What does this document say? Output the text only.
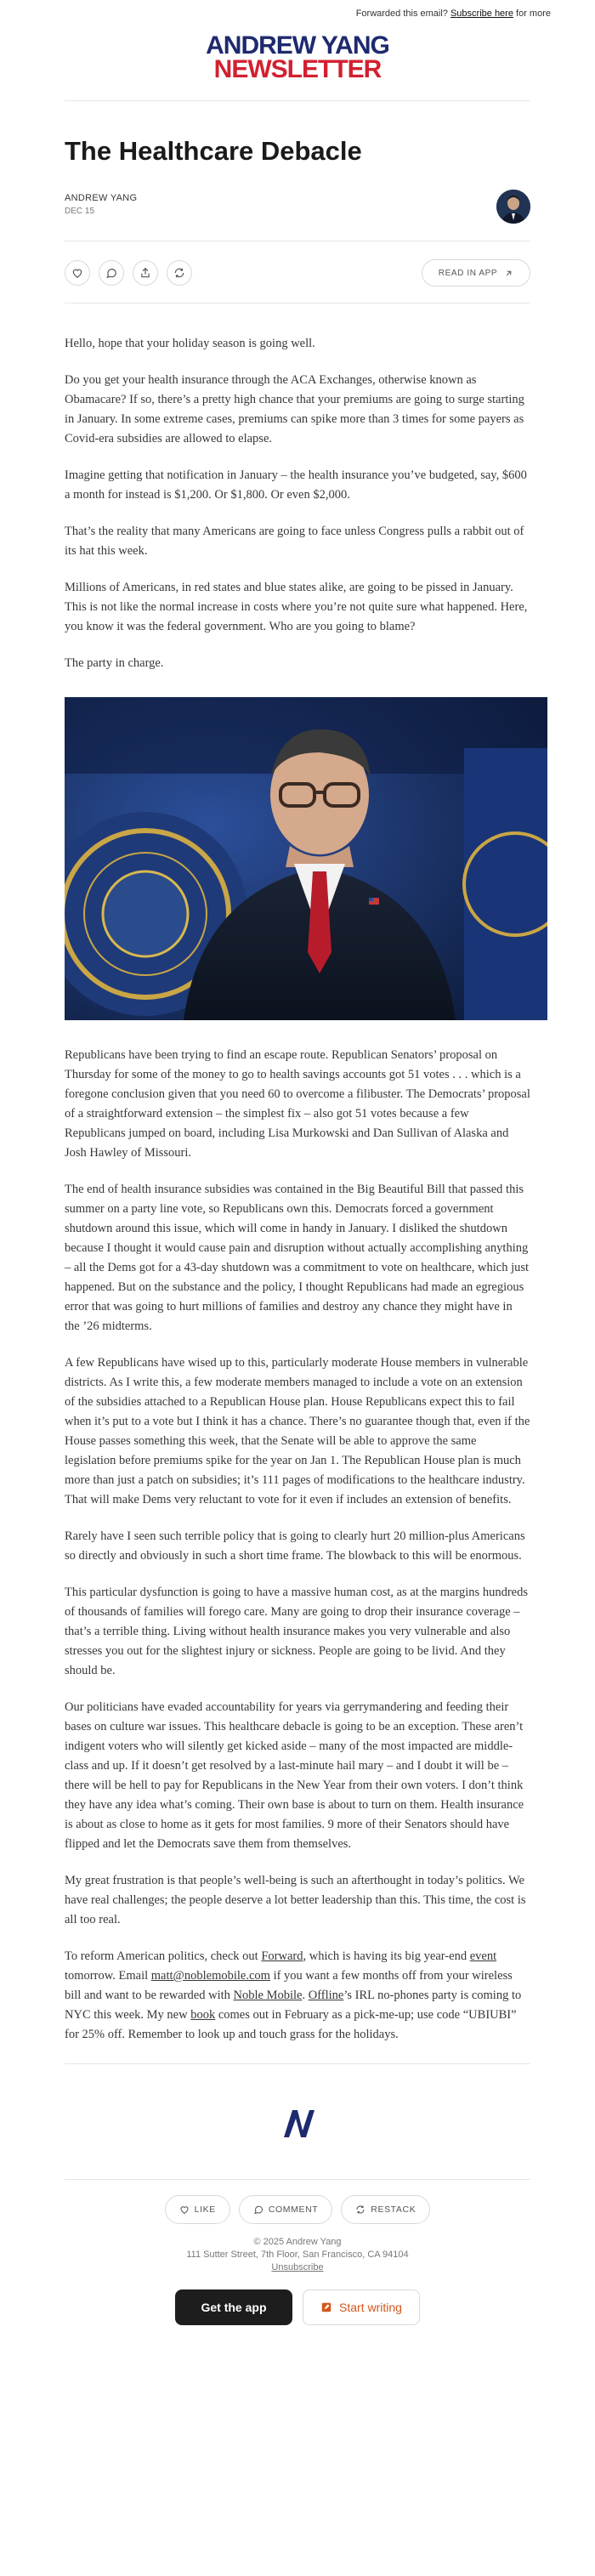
Forwarded this email? Subscribe here for more
ANDREW YANG
NEWSLETTER
The Healthcare Debacle
ANDREW YANG
DEC 15
READ IN APP

Hello, hope that your holiday season is going well.

Do you get your health insurance through the ACA Exchanges, otherwise known as Obamacare? If so, there’s a pretty high chance that your premiums are going to surge starting in January. In some extreme cases, premiums can spike more than 3 times for some payers as Covid-era subsidies are allowed to elapse.

Imagine getting that notification in January – the health insurance you’ve budgeted, say, $600 a month for instead is $1,200. Or $1,800. Or even $2,000.

That’s the reality that many Americans are going to face unless Congress pulls a rabbit out of its hat this week.

Millions of Americans, in red states and blue states alike, are going to be pissed in January. This is not like the normal increase in costs where you’re not quite sure what happened. Here, you know it was the federal government. Who are you going to blame?

The party in charge.

Republicans have been trying to find an escape route. Republican Senators’ proposal on Thursday for some of the money to go to health savings accounts got 51 votes . . . which is a foregone conclusion given that you need 60 to overcome a filibuster. The Democrats’ proposal of a straightforward extension – the simplest fix – also got 51 votes because a few Republicans jumped on board, including Lisa Murkowski and Dan Sullivan of Alaska and Josh Hawley of Missouri.

The end of health insurance subsidies was contained in the Big Beautiful Bill that passed this summer on a party line vote, so Republicans own this. Democrats forced a government shutdown around this issue, which will come in handy in January. I disliked the shutdown because I thought it would cause pain and disruption without actually accomplishing anything – all the Dems got for a 43-day shutdown was a commitment to vote on healthcare, which just happened. But on the substance and the policy, I thought Republicans had made an egregious error that was going to hurt millions of families and destroy any chance they might have in the ’26 midterms.

A few Republicans have wised up to this, particularly moderate House members in vulnerable districts. As I write this, a few moderate members managed to include a vote on an extension of the subsidies attached to a Republican House plan. House Republicans expect this to fail when it’s put to a vote but I think it has a chance. There’s no guarantee though that, even if the House passes something this week, that the Senate will be able to approve the same legislation before premiums spike for the year on Jan 1. The Republican House plan is much more than just a patch on subsidies; it’s 111 pages of modifications to the healthcare industry. That will make Dems very reluctant to vote for it even if includes an extension of benefits.

Rarely have I seen such terrible policy that is going to clearly hurt 20 million-plus Americans so directly and obviously in such a short time frame. The blowback to this will be enormous.

This particular dysfunction is going to have a massive human cost, as at the margins hundreds of thousands of families will forego care. Many are going to drop their insurance coverage – that’s a terrible thing. Living without health insurance makes you very vulnerable and also stresses you out for the slightest injury or sickness. People are going to be livid. And they should be.

Our politicians have evaded accountability for years via gerrymandering and feeding their bases on culture war issues. This healthcare debacle is going to be an exception. These aren’t indigent voters who will silently get kicked aside – many of the most impacted are middle-class and up. If it doesn’t get resolved by a last-minute hail mary – and I doubt it will be – there will be hell to pay for Republicans in the New Year from their own voters. I don’t think they have any idea what’s coming. Their own base is about to turn on them. Health insurance is about as close to home as it gets for most families. 9 more of their Senators should have flipped and let the Democrats save them from themselves.

My great frustration is that people’s well-being is such an afterthought in today’s politics. We have real challenges; the people deserve a lot better leadership than this. This time, the cost is all too real.

To reform American politics, check out Forward, which is having its big year-end event tomorrow. Email matt@noblemobile.com if you want a few months off from your wireless bill and want to be rewarded with Noble Mobile. Offline’s IRL no-phones party is coming to NYC this week. My new book comes out in February as a pick-me-up; use code “UBIUBI” for 25% off. Remember to look up and touch grass for the holidays.

LIKE	COMMENT	RESTACK
© 2025 Andrew Yang
111 Sutter Street, 7th Floor, San Francisco, CA 94104
Unsubscribe
Get the app	Start writing
